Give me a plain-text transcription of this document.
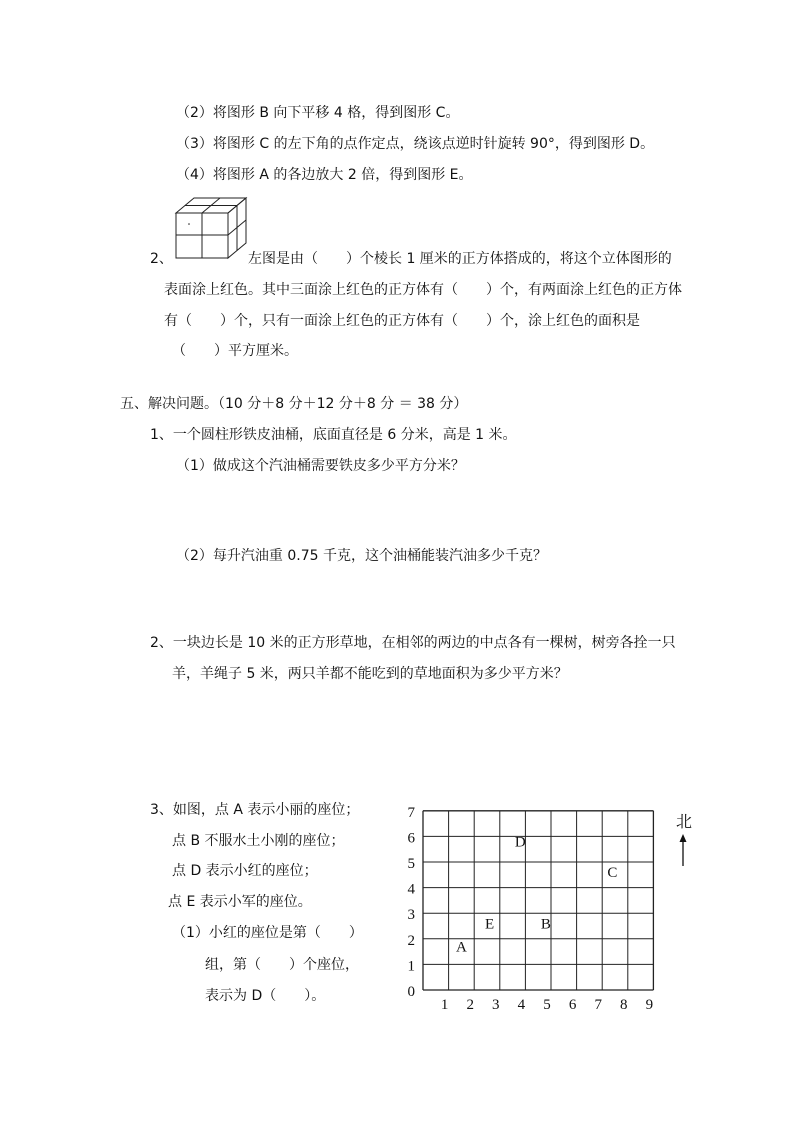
（2）将图形 B 向下平移 4 格，得到图形 C。
（3）将图形 C 的左下角的点作定点，绕该点逆时针旋转 90°，得到图形 D。
（4）将图形 A 的各边放大 2 倍，得到图形 E。
2、	左图是由（　　）个棱长 1 厘米的正方体搭成的，将这个立体图形的
表面涂上红色。其中三面涂上红色的正方体有（　　）个，有两面涂上红色的正方体
有（　　）个，只有一面涂上红色的正方体有（　　）个，涂上红色的面积是
（　　）平方厘米。
五、解决问题。（10 分＋8 分＋12 分＋8 分 ＝ 38 分）
1、一个圆柱形铁皮油桶，底面直径是 6 分米，高是 1 米。
（1）做成这个汽油桶需要铁皮多少平方分米？
（2）每升汽油重 0.75 千克，这个油桶能装汽油多少千克？
2、一块边长是 10 米的正方形草地，在相邻的两边的中点各有一棵树，树旁各拴一只
羊，羊绳子 5 米，两只羊都不能吃到的草地面积为多少平方米？
3、如图，点 A 表示小丽的座位；
点 B 不服水土小刚的座位；
点 D 表示小红的座位；
点 E 表示小军的座位。
（1）小红的座位是第（　　）
组，第（　　）个座位，
表示为 D（　　）。
1 2 3 4 5 6 7 8 9
0
1
2
3
4
5
6
7
A
E	B
D
C
北
